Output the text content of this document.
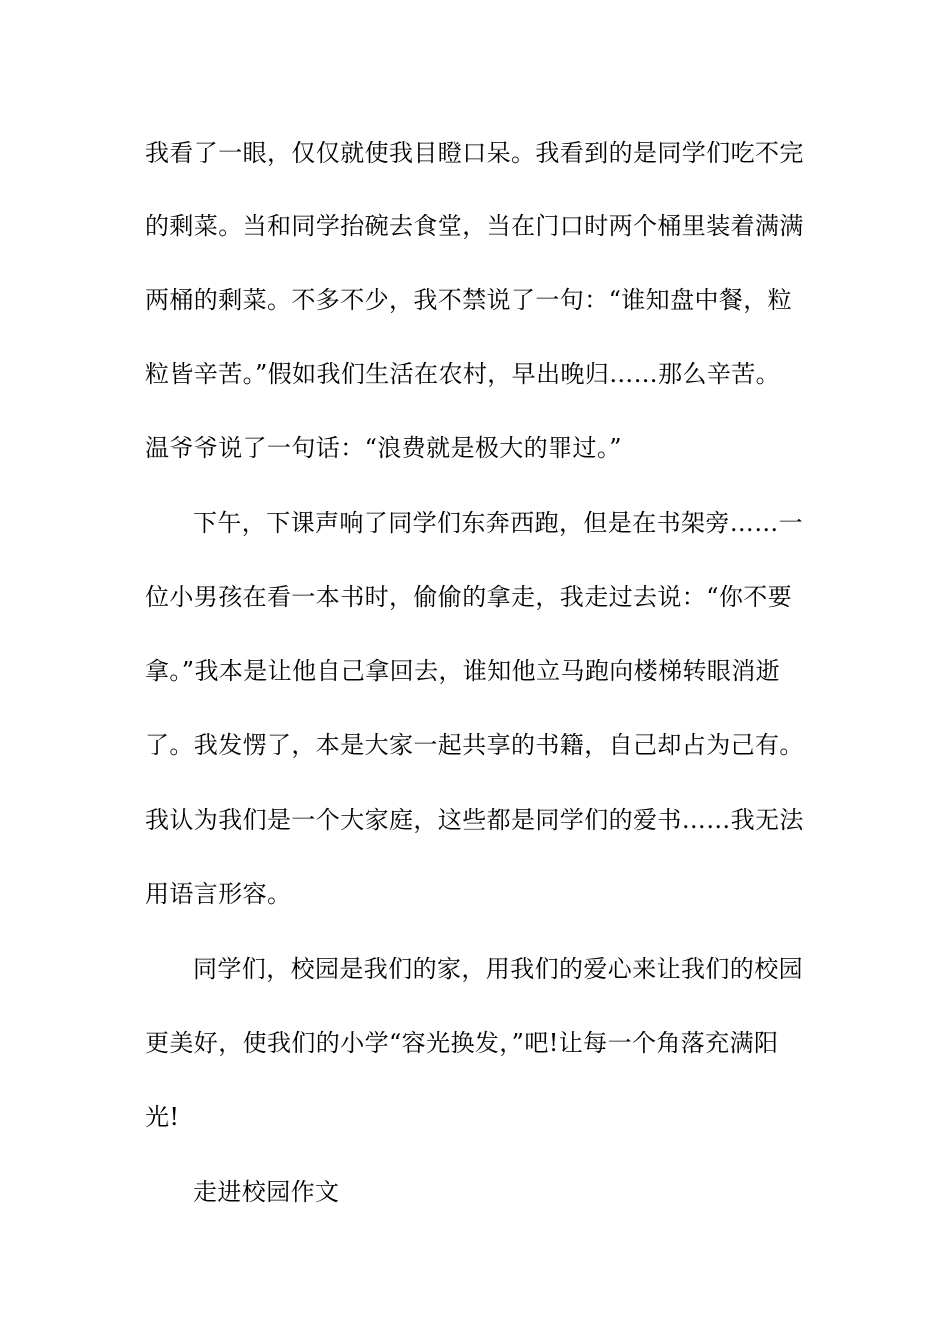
我看了一眼，仅仅就使我目瞪口呆。我看到的是同学们吃不完
的剩菜。当和同学抬碗去食堂，当在门口时两个桶里装着满满
两桶的剩菜。不多不少，我不禁说了一句：“谁知盘中餐，粒
粒皆辛苦。”假如我们生活在农村，早出晚归……那么辛苦。
温爷爷说了一句话：“浪费就是极大的罪过。”
下午，下课声响了同学们东奔西跑，但是在书架旁……一
位小男孩在看一本书时，偷偷的拿走，我走过去说：“你不要
拿。”我本是让他自己拿回去，谁知他立马跑向楼梯转眼消逝
了。我发愣了，本是大家一起共享的书籍，自己却占为己有。
我认为我们是一个大家庭，这些都是同学们的爱书……我无法
用语言形容。
同学们，校园是我们的家，用我们的爱心来让我们的校园
更美好，使我们的小学“容光换发，”吧!让每一个角落充满阳
光!
走进校园作文
